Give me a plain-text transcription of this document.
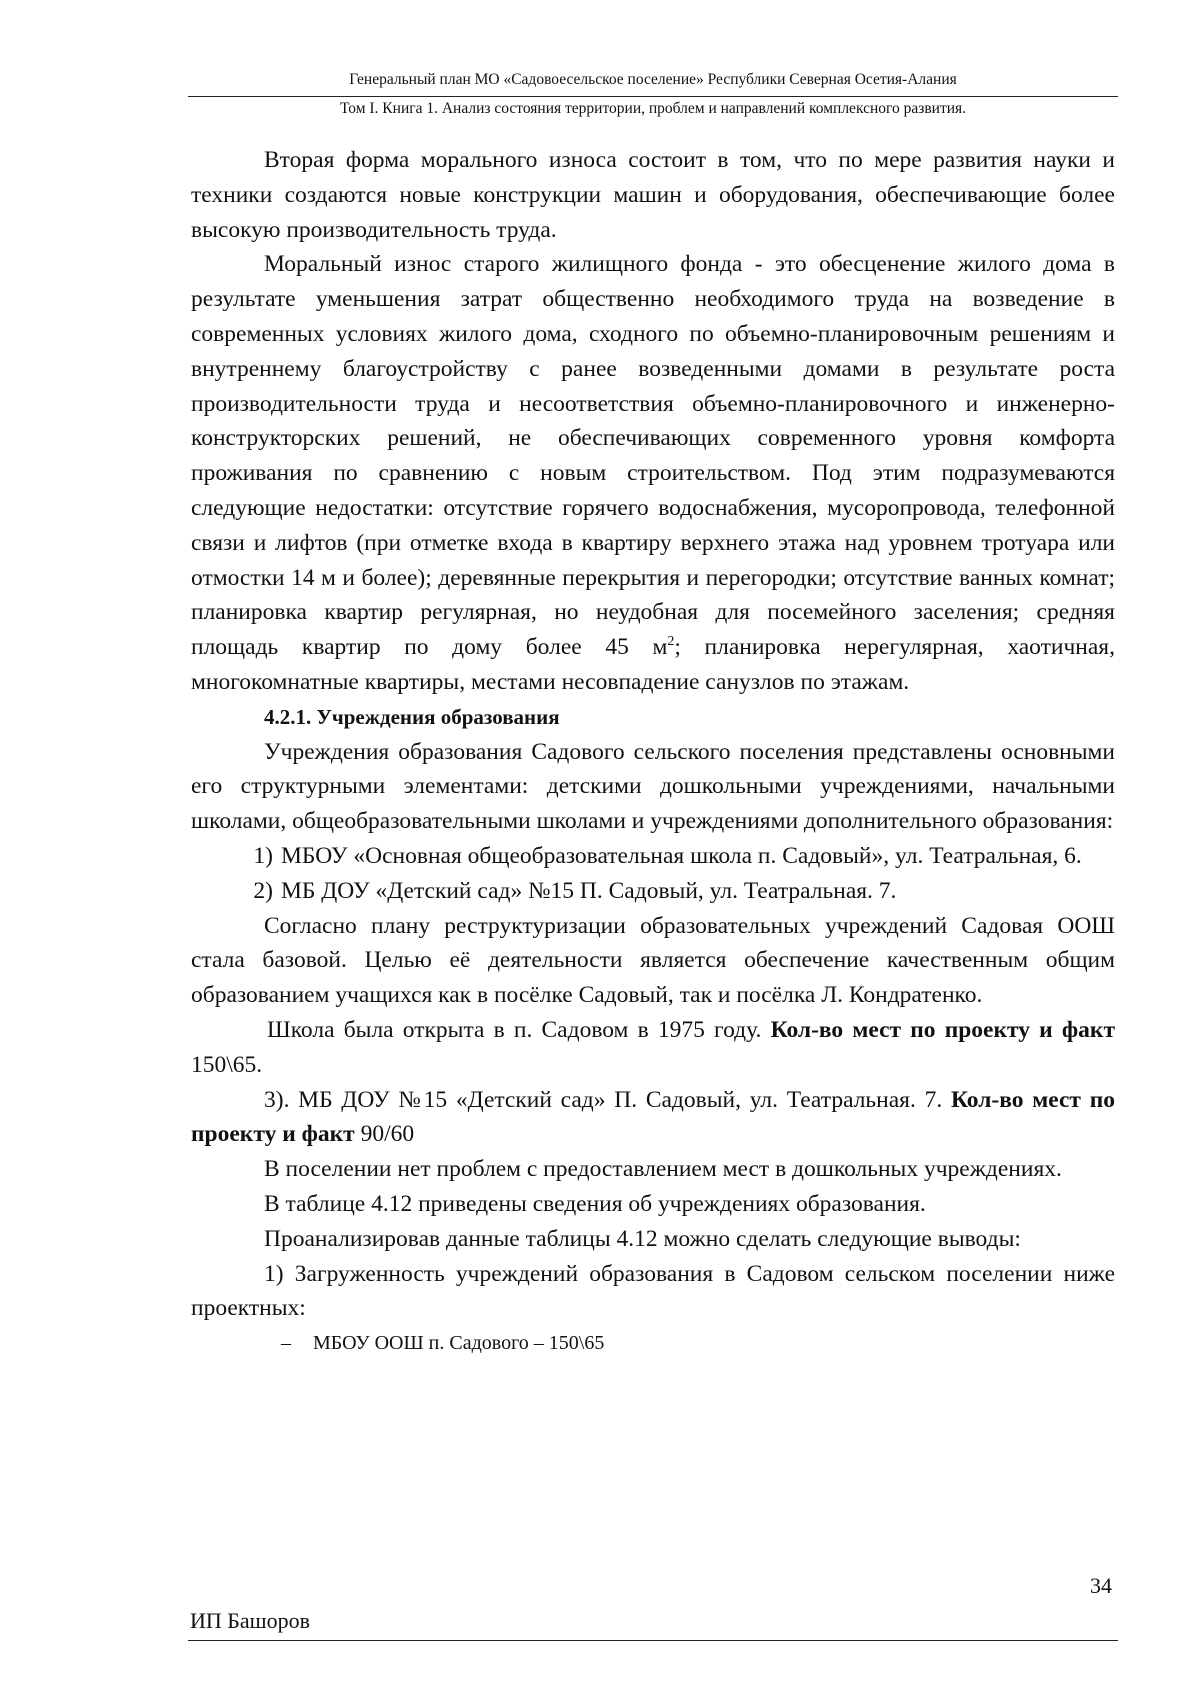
Генеральный план МО «Садовоесельское поселение» Республики Северная Осетия-Алания
Том I. Книга 1. Анализ состояния территории, проблем и направлений комплексного развития.

Вторая форма морального износа состоит в том, что по мере развития науки и техники создаются новые конструкции машин и оборудования, обеспечивающие более высокую производительность труда.

Моральный износ старого жилищного фонда - это обесценение жилого дома в результате уменьшения затрат общественно необходимого труда на возведение в современных условиях жилого дома, сходного по объемно-планировочным решениям и внутреннему благоустройству с ранее возведенными домами в результате роста производительности труда и несоответствия объемно-планировочного и инженерно-конструкторских решений, не обеспечивающих современного уровня комфорта проживания по сравнению с новым строительством. Под этим подразумеваются следующие недостатки: отсутствие горячего водоснабжения, мусоропровода, телефонной связи и лифтов (при отметке входа в квартиру верхнего этажа над уровнем тротуара или отмостки 14 м и более); деревянные перекрытия и перегородки; отсутствие ванных комнат; планировка квартир регулярная, но неудобная для посемейного заселения; средняя площадь квартир по дому более 45 $м^2$; планировка нерегулярная, хаотичная, многокомнатные квартиры, местами несовпадение санузлов по этажам.

4.2.1. Учреждения образования

Учреждения образования Садового сельского поселения представлены основными его структурными элементами: детскими дошкольными учреждениями, начальными школами, общеобразовательными школами и учреждениями дополнительного образования:

1) МБОУ «Основная общеобразовательная школа п. Садовый», ул. Театральная, 6.
2) МБ ДОУ «Детский сад» №15 П. Садовый, ул. Театральная. 7.

Согласно плану реструктуризации образовательных учреждений Садовая ООШ стала базовой. Целью её деятельности является обеспечение качественным общим образованием учащихся как в посёлке Садовый, так и посёлка Л. Кондратенко.

Школа была открыта в п. Садовом в 1975 году. Кол-во мест по проекту и факт 150\65.

3). МБ ДОУ №15 «Детский сад» П. Садовый, ул. Театральная. 7. Кол-во мест по проекту и факт 90/60

В поселении нет проблем с предоставлением мест в дошкольных учреждениях.

В таблице 4.12 приведены сведения об учреждениях образования.

Проанализировав данные таблицы 4.12 можно сделать следующие выводы:

1) Загруженность учреждений образования в Садовом сельском поселении ниже проектных:

– МБОУ ООШ п. Садового – 150\65

34
ИП Башоров
